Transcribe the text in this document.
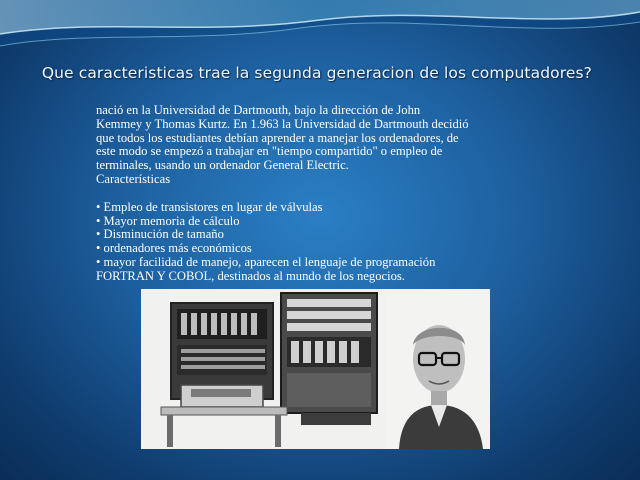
Que caracteristicas trae la segunda generacion de los computadores?

nació en la Universidad de Dartmouth, bajo la dirección de John

Kemmey y Thomas Kurtz. En 1.963 la Universidad de Dartmouth decidió

que todos los estudiantes debían aprender a manejar los ordenadores, de

este modo se empezó a trabajar en "tiempo compartido" o empleo de

terminales, usando un ordenador General Electric.

Características

• Empleo de transistores en lugar de válvulas

• Mayor memoria de cálculo

• Disminución de tamaño

• ordenadores más económicos

• mayor facilidad de manejo, aparecen el lenguaje de programación

FORTRAN Y COBOL, destinados al mundo de los negocios.
